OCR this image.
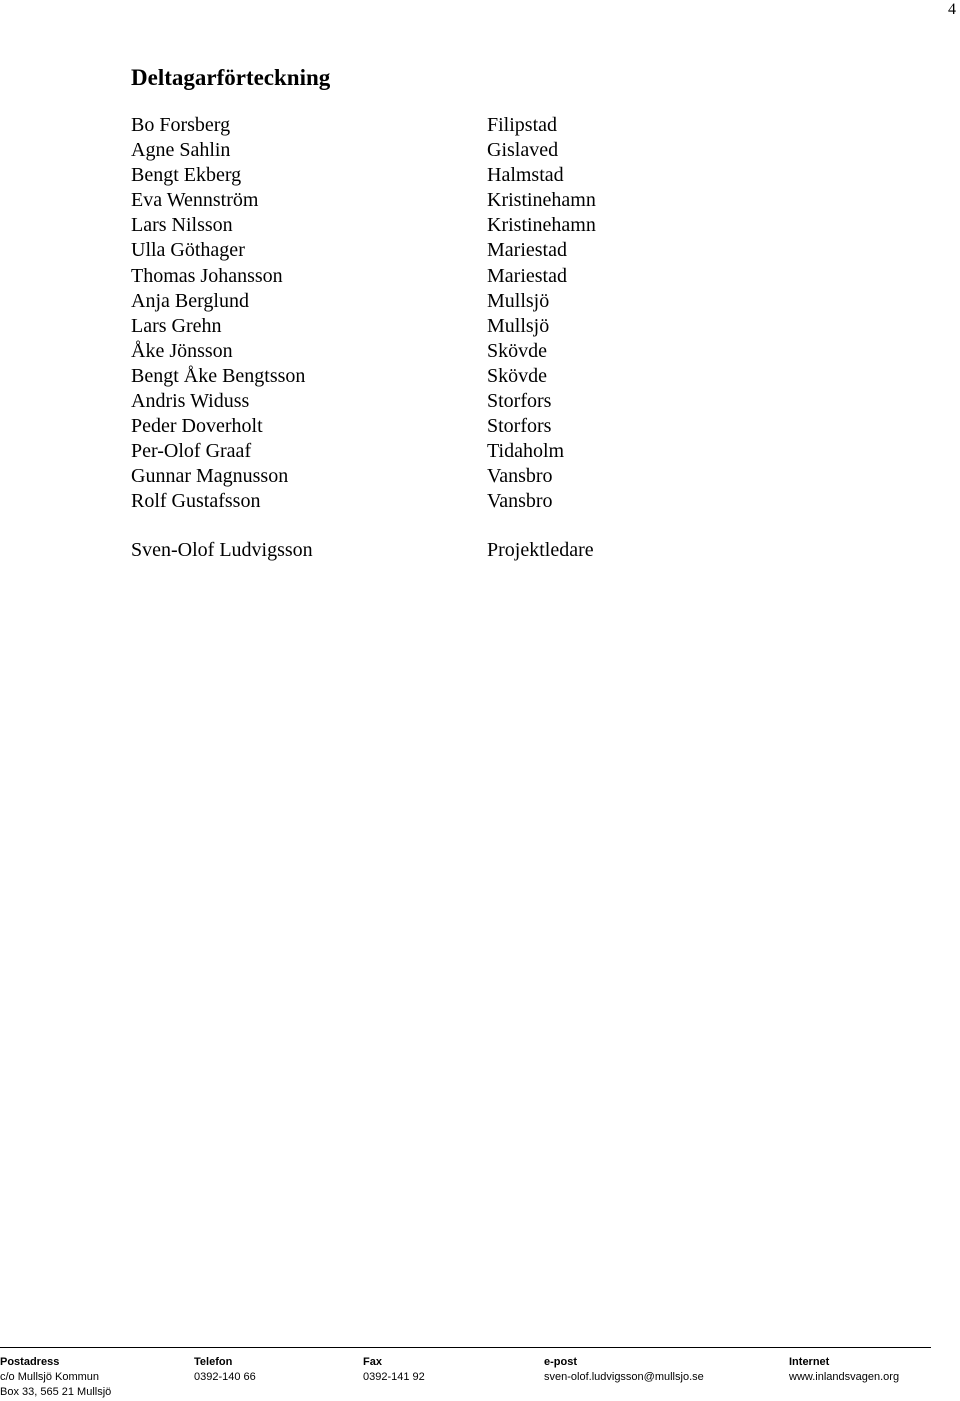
4
Deltagarförteckning
Bo Forsberg	Filipstad
Agne Sahlin	Gislaved
Bengt Ekberg	Halmstad
Eva Wennström	Kristinehamn
Lars Nilsson	Kristinehamn
Ulla Göthager	Mariestad
Thomas Johansson	Mariestad
Anja Berglund	Mullsjö
Lars Grehn	Mullsjö
Åke Jönsson	Skövde
Bengt Åke Bengtsson	Skövde
Andris Widuss	Storfors
Peder Doverholt	Storfors
Per-Olof Graaf	Tidaholm
Gunnar Magnusson	Vansbro
Rolf Gustafsson	Vansbro
Sven-Olof Ludvigsson	Projektledare
Postadress
c/o Mullsjö Kommun
Box 33, 565 21 Mullsjö
Telefon
0392-140 66
Fax
0392-141 92
e-post
sven-olof.ludvigsson@mullsjo.se
Internet
www.inlandsvagen.org
